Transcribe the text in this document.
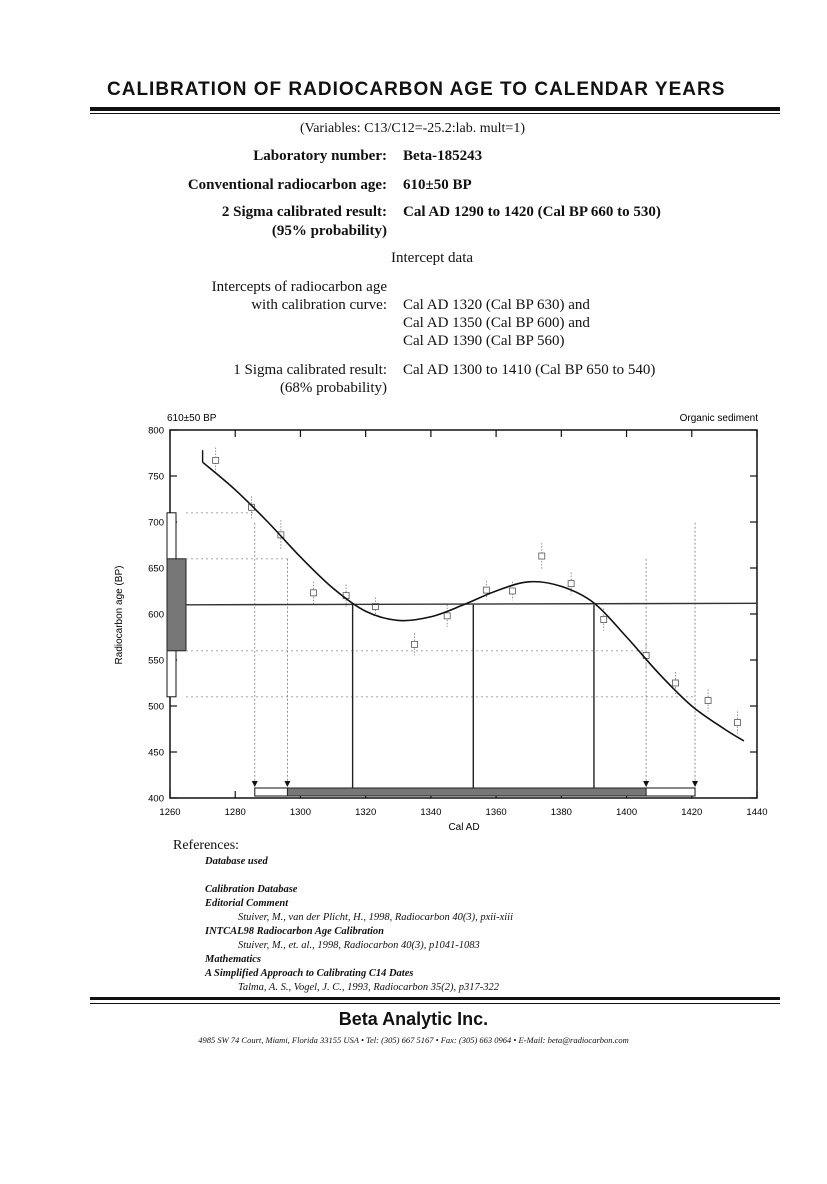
CALIBRATION OF RADIOCARBON AGE TO CALENDAR YEARS
(Variables: C13/C12=-25.2:lab. mult=1)
Laboratory number: Beta-185243
Conventional radiocarbon age: 610±50 BP
2 Sigma calibrated result:
(95% probability)
Cal AD 1290 to 1420 (Cal BP 660 to 530)
Intercept data
Intercepts of radiocarbon age
with calibration curve: Cal AD 1320 (Cal BP 630) and
Cal AD 1350 (Cal BP 600) and
Cal AD 1390 (Cal BP 560)
1 Sigma calibrated result:
(68% probability)
Cal AD 1300 to 1410 (Cal BP 650 to 540)
1260	1280	1300	1320	1340	1360	1380	1400	1420	1440
400
450
500
550
600
650
700
750
800
610±50 BP	Organic sediment
Cal AD
Radiocarbon age (BP)
References:
Database used
Calibration Database
Editorial Comment
Stuiver, M., van der Plicht, H., 1998, Radiocarbon 40(3), pxii-xiii
INTCAL98 Radiocarbon Age Calibration
Stuiver, M., et. al., 1998, Radiocarbon 40(3), p1041-1083
Mathematics
A Simplified Approach to Calibrating C14 Dates
Talma, A. S., Vogel, J. C., 1993, Radiocarbon 35(2), p317-322
Beta Analytic Inc.
4985 SW 74 Court, Miami, Florida 33155 USA • Tel: (305) 667 5167 • Fax: (305) 663 0964 • E-Mail: beta@radiocarbon.com
